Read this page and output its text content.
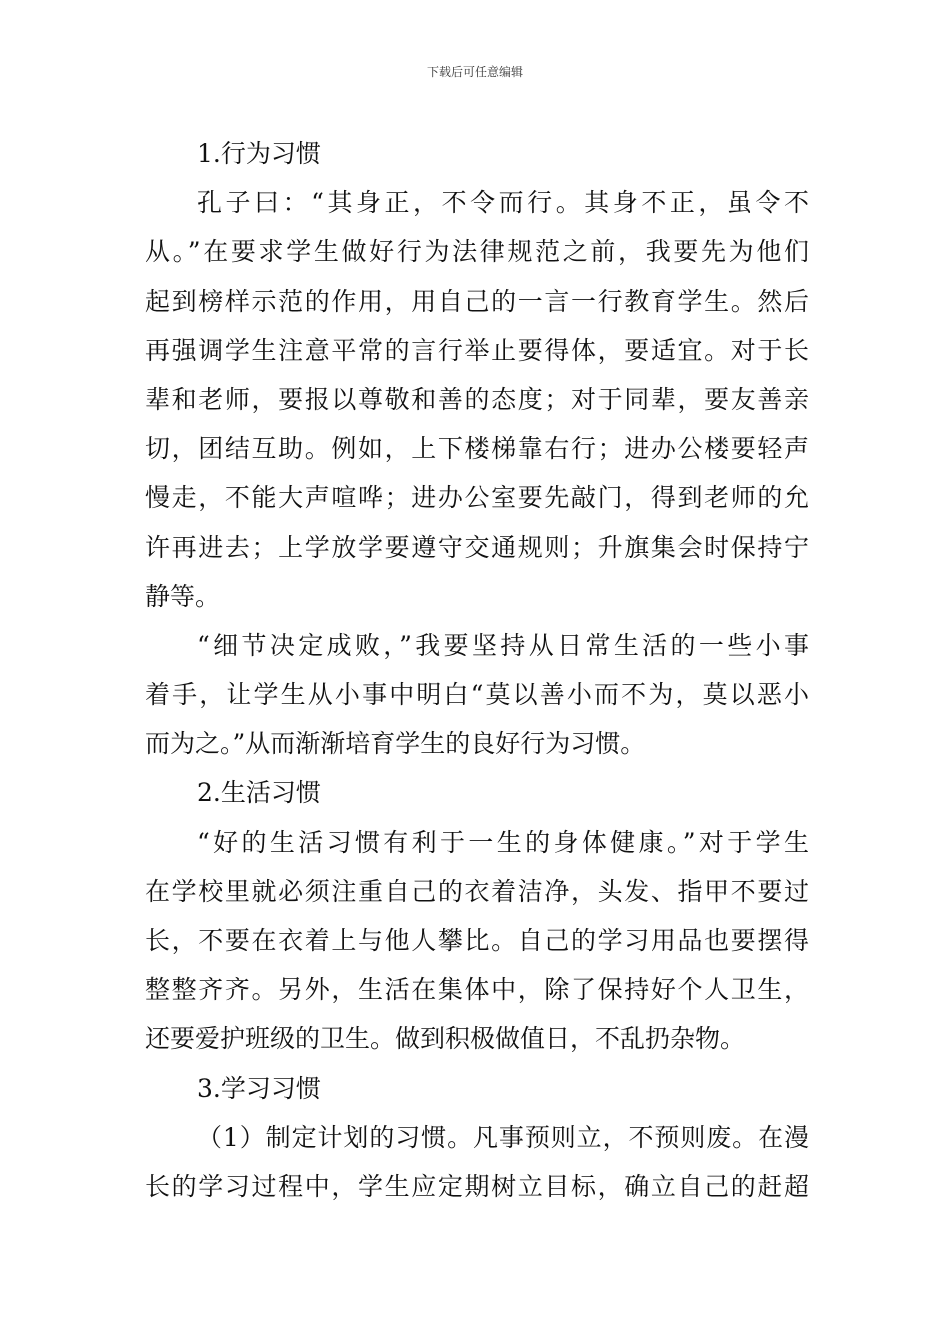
下载后可任意编辑
1.行为习惯
孔子曰：“其身正，不令而行。其身不正，虽令不
从。”在要求学生做好行为法律规范之前，我要先为他们
起到榜样示范的作用，用自己的一言一行教育学生。然后
再强调学生注意平常的言行举止要得体，要适宜。对于长
辈和老师，要报以尊敬和善的态度；对于同辈，要友善亲
切，团结互助。例如，上下楼梯靠右行；进办公楼要轻声
慢走，不能大声喧哗；进办公室要先敲门，得到老师的允
许再进去；上学放学要遵守交通规则；升旗集会时保持宁
静等。
“细节决定成败，”我要坚持从日常生活的一些小事
着手，让学生从小事中明白“莫以善小而不为，莫以恶小
而为之。”从而渐渐培育学生的良好行为习惯。
2.生活习惯
“好的生活习惯有利于一生的身体健康。”对于学生
在学校里就必须注重自己的衣着洁净，头发、指甲不要过
长，不要在衣着上与他人攀比。自己的学习用品也要摆得
整整齐齐。另外，生活在集体中，除了保持好个人卫生，
还要爱护班级的卫生。做到积极做值日，不乱扔杂物。
3.学习习惯
（1）制定计划的习惯。凡事预则立，不预则废。在漫
长的学习过程中，学生应定期树立目标，确立自己的赶超
